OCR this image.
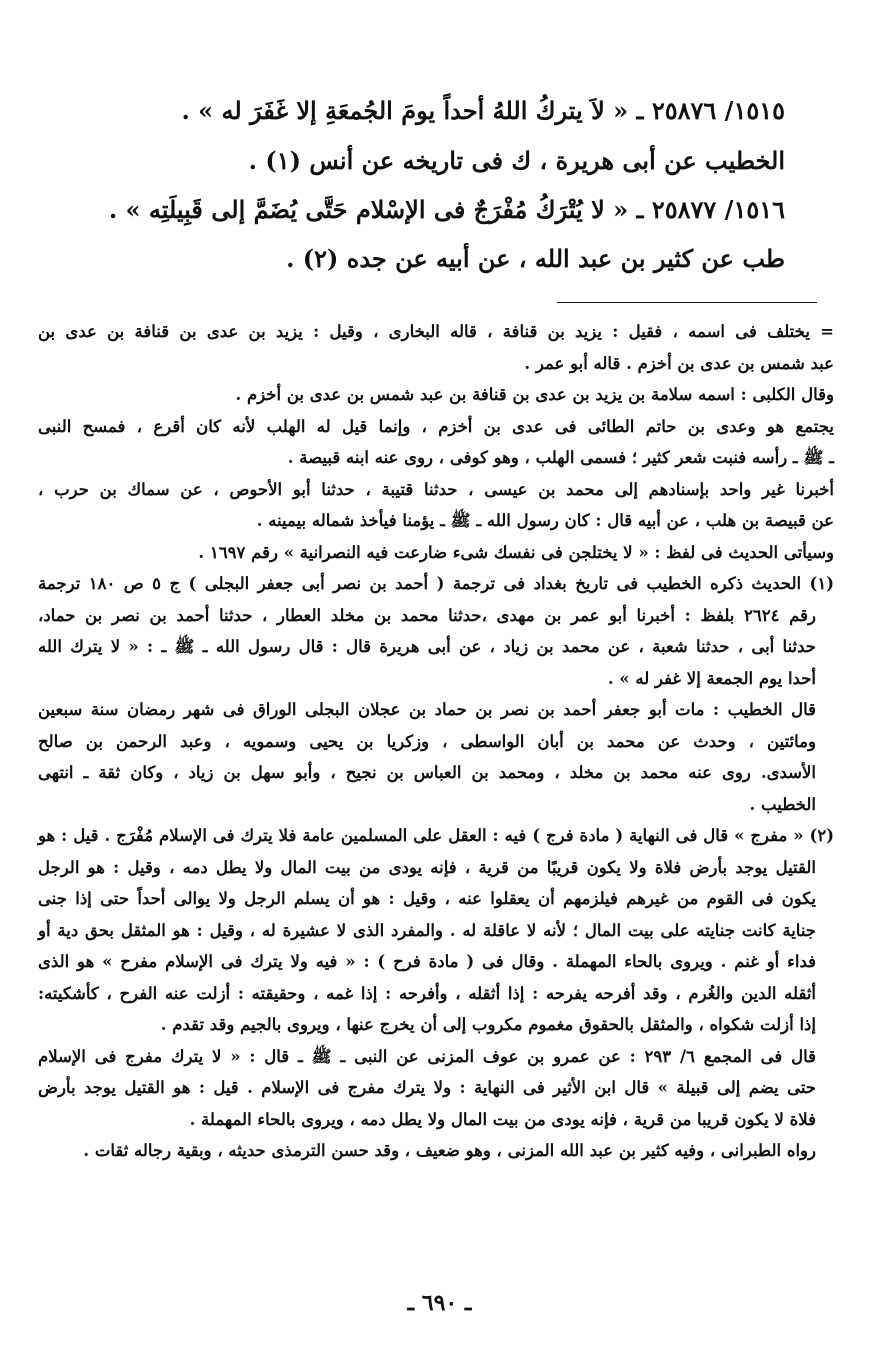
١٥١٥/ ٢٥٨٧٦ ـ « لاَ يتركُ اللهُ أحداً يومَ الجُمعَةِ إلا غَفَرَ له » .

الخطيب عن أبى هريرة ، ك فى تاريخه عن أنس (١) .

١٥١٦/ ٢٥٨٧٧ ـ « لا يُتْرَكُ مُفْرَجٌ فى الإسْلام حَتَّى يُضَمَّ إلى قَبِيلَتِه » .

طب عن كثير بن عبد الله ، عن أبيه عن جده (٢) .

= يختلف فى اسمه ، فقيل : يزيد بن قنافة ، قاله البخارى ، وقيل : يزيد بن عدى بن قنافة بن عدى بن

عبد شمس بن عدى بن أخزم . قاله أبو عمر .

وقال الكلبى : اسمه سلامة بن يزيد بن عدى بن قنافة بن عبد شمس بن عدى بن أخزم .

يجتمع هو وعدى بن حاتم الطائى فى عدى بن أخزم ، وإنما قيل له الهلب لأنه كان أقرع ، فمسح النبى

ـ ﷺ ـ رأسه فنبت شعر كثير ؛ فسمى الهلب ، وهو كوفى ، روى عنه ابنه قبيصة .

أخبرنا غير واحد بإسنادهم إلى محمد بن عيسى ، حدثنا قتيبة ، حدثنا أبو الأحوص ، عن سماك بن حرب ،

عن قبيصة بن هلب ، عن أبيه قال : كان رسول الله ـ ﷺ ـ يؤمنا فيأخذ شماله بيمينه .

وسيأتى الحديث فى لفظ : « لا يختلجن فى نفسك شىء ضارعت فيه النصرانية » رقم ١٦٩٧ .

(١) الحديث ذكره الخطيب فى تاريخ بغداد فى ترجمة ( أحمد بن نصر أبى جعفر البجلى ) ج ٥ ص ١٨٠ ترجمة

رقم ٢٦٢٤ بلفظ : أخبرنا أبو عمر بن مهدى ،حدثنا محمد بن مخلد العطار ، حدثنا أحمد بن نصر بن حماد،

حدثنا أبى ، حدثنا شعبة ، عن محمد بن زياد ، عن أبى هريرة قال : قال رسول الله ـ ﷺ ـ : « لا يترك الله

أحدا يوم الجمعة إلا غفر له » .

قال الخطيب : مات أبو جعفر أحمد بن نصر بن حماد بن عجلان البجلى الوراق فى شهر رمضان سنة سبعين

ومائتين ، وحدث عن محمد بن أبان الواسطى ، وزكريا بن يحيى وسمويه ، وعبد الرحمن بن صالح

الأسدى. روى عنه محمد بن مخلد ، ومحمد بن العباس بن نجيح ، وأبو سهل بن زياد ، وكان ثقة ـ انتهى

الخطيب .

(٢) « مفرج » قال فى النهاية ( مادة فرج ) فيه : العقل على المسلمين عامة فلا يترك فى الإسلام مُفْرَج . قيل : هو

القتيل يوجد بأرض فلاة ولا يكون قريبًا من قرية ، فإنه يودى من بيت المال ولا يطل دمه ، وقيل : هو الرجل

يكون فى القوم من غيرهم فيلزمهم أن يعقلوا عنه ، وقيل : هو أن يسلم الرجل ولا يوالى أحداً حتى إذا جنى

جناية كانت جنايته على بيت المال ؛ لأنه لا عاقلة له . والمفرد الذى لا عشيرة له ، وقيل : هو المثقل بحق دية أو

فداء أو غنم . ويروى بالحاء المهملة . وقال فى ( مادة فرح ) : « فيه ولا يترك فى الإسلام مفرح » هو الذى

أثقله الدين والغُرم ، وقد أفرحه يفرحه : إذا أثقله ، وأفرحه : إذا غمه ، وحقيقته : أزلت عنه الفرح ، كأشكيته:

إذا أزلت شكواه ، والمثقل بالحقوق مغموم مكروب إلى أن يخرج عنها ، ويروى بالجيم وقد تقدم .

قال فى المجمع ٦/ ٢٩٣ : عن عمرو بن عوف المزنى عن النبى ـ ﷺ ـ قال : « لا يترك مفرج فى الإسلام

حتى يضم إلى قبيلة » قال ابن الأثير فى النهاية : ولا يترك مفرج فى الإسلام . قيل : هو القتيل يوجد بأرض

فلاة لا يكون قريبا من قرية ، فإنه يودى من بيت المال ولا يطل دمه ، ويروى بالحاء المهملة .

رواه الطبرانى ، وفيه كثير بن عبد الله المزنى ، وهو ضعيف ، وقد حسن الترمذى حديثه ، وبقية رجاله ثقات .

ـ ٦٩٠ ـ
